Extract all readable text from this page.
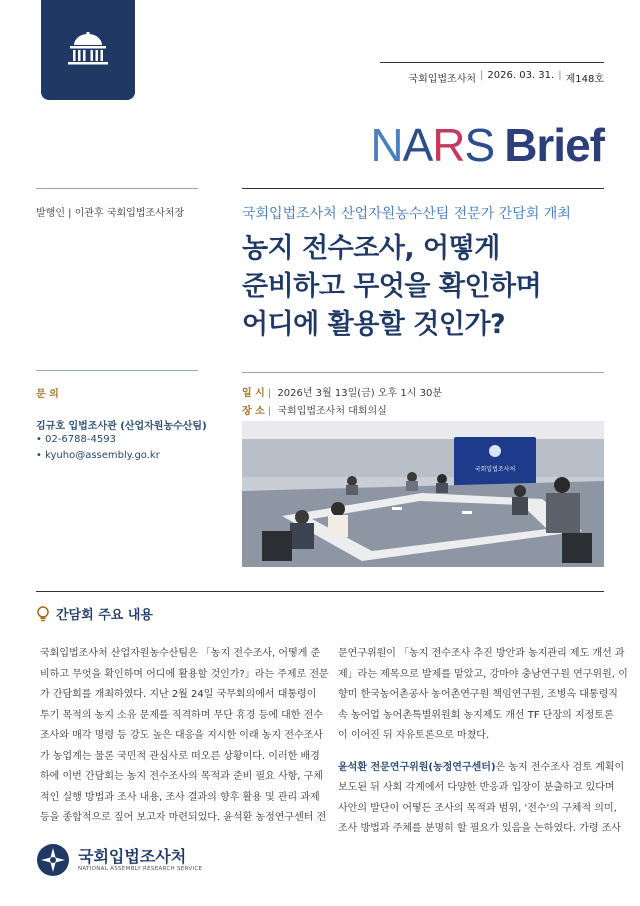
국회입법조사처 | 2026. 03. 31. | 제148호
N A R S Brief
발행인 | 이관후 국회입법조사처장
문 의
김규호 입법조사관 (산업자원농수산팀)
• 02-6788-4593
• kyuho@assembly.go.kr
국회입법조사처 산업자원농수산팀 전문가 간담회 개최
농지 전수조사, 어떻게
준비하고 무엇을 확인하며
어디에 활용할 것인가?
일 시 | 2026년 3월 13일(금) 오후 1시 30분
장 소 | 국회입법조사처 대회의실
국회입법조사처
간담회 주요 내용
국회입법조사처 산업자원농수산팀은 「농지 전수조사, 어떻게 준
비하고 무엇을 확인하며 어디에 활용할 것인가?」라는 주제로 전문
가 간담회를 개최하였다. 지난 2월 24일 국무회의에서 대통령이
투기 목적의 농지 소유 문제를 직격하며 무단 휴경 등에 대한 전수
조사와 매각 명령 등 강도 높은 대응을 지시한 이래 농지 전수조사
가 농업계는 물론 국민적 관심사로 떠오른 상황이다. 이러한 배경
하에 이번 간담회는 농지 전수조사의 목적과 준비 필요 사항, 구체
적인 실행 방법과 조사 내용, 조사 결과의 향후 활용 및 관리 과제
등을 종합적으로 짚어 보고자 마련되었다. 윤석환 농정연구센터 전
문연구위원이 「농지 전수조사 추진 방안과 농지관리 제도 개선 과
제」라는 제목으로 발제를 맡았고, 강마야 충남연구원 연구위원, 이
향미 한국농어촌공사 농어촌연구원 책임연구원, 조병옥 대통령직
속 농어업 농어촌특별위원회 농지제도 개선 TF 단장의 지정토론
이 이어진 뒤 자유토론으로 마쳤다.
윤석환 전문연구위원(농정연구센터)은 농지 전수조사 검토 계획이
보도된 뒤 사회 각계에서 다양한 반응과 입장이 분출하고 있다며
사안의 발단이 어떻든 조사의 목적과 범위, '전수'의 구체적 의미,
조사 방법과 주체를 분명히 할 필요가 있음을 논하였다. 가령 조사
국회입법조사처
NATIONAL ASSEMBLY RESEARCH SERVICE
